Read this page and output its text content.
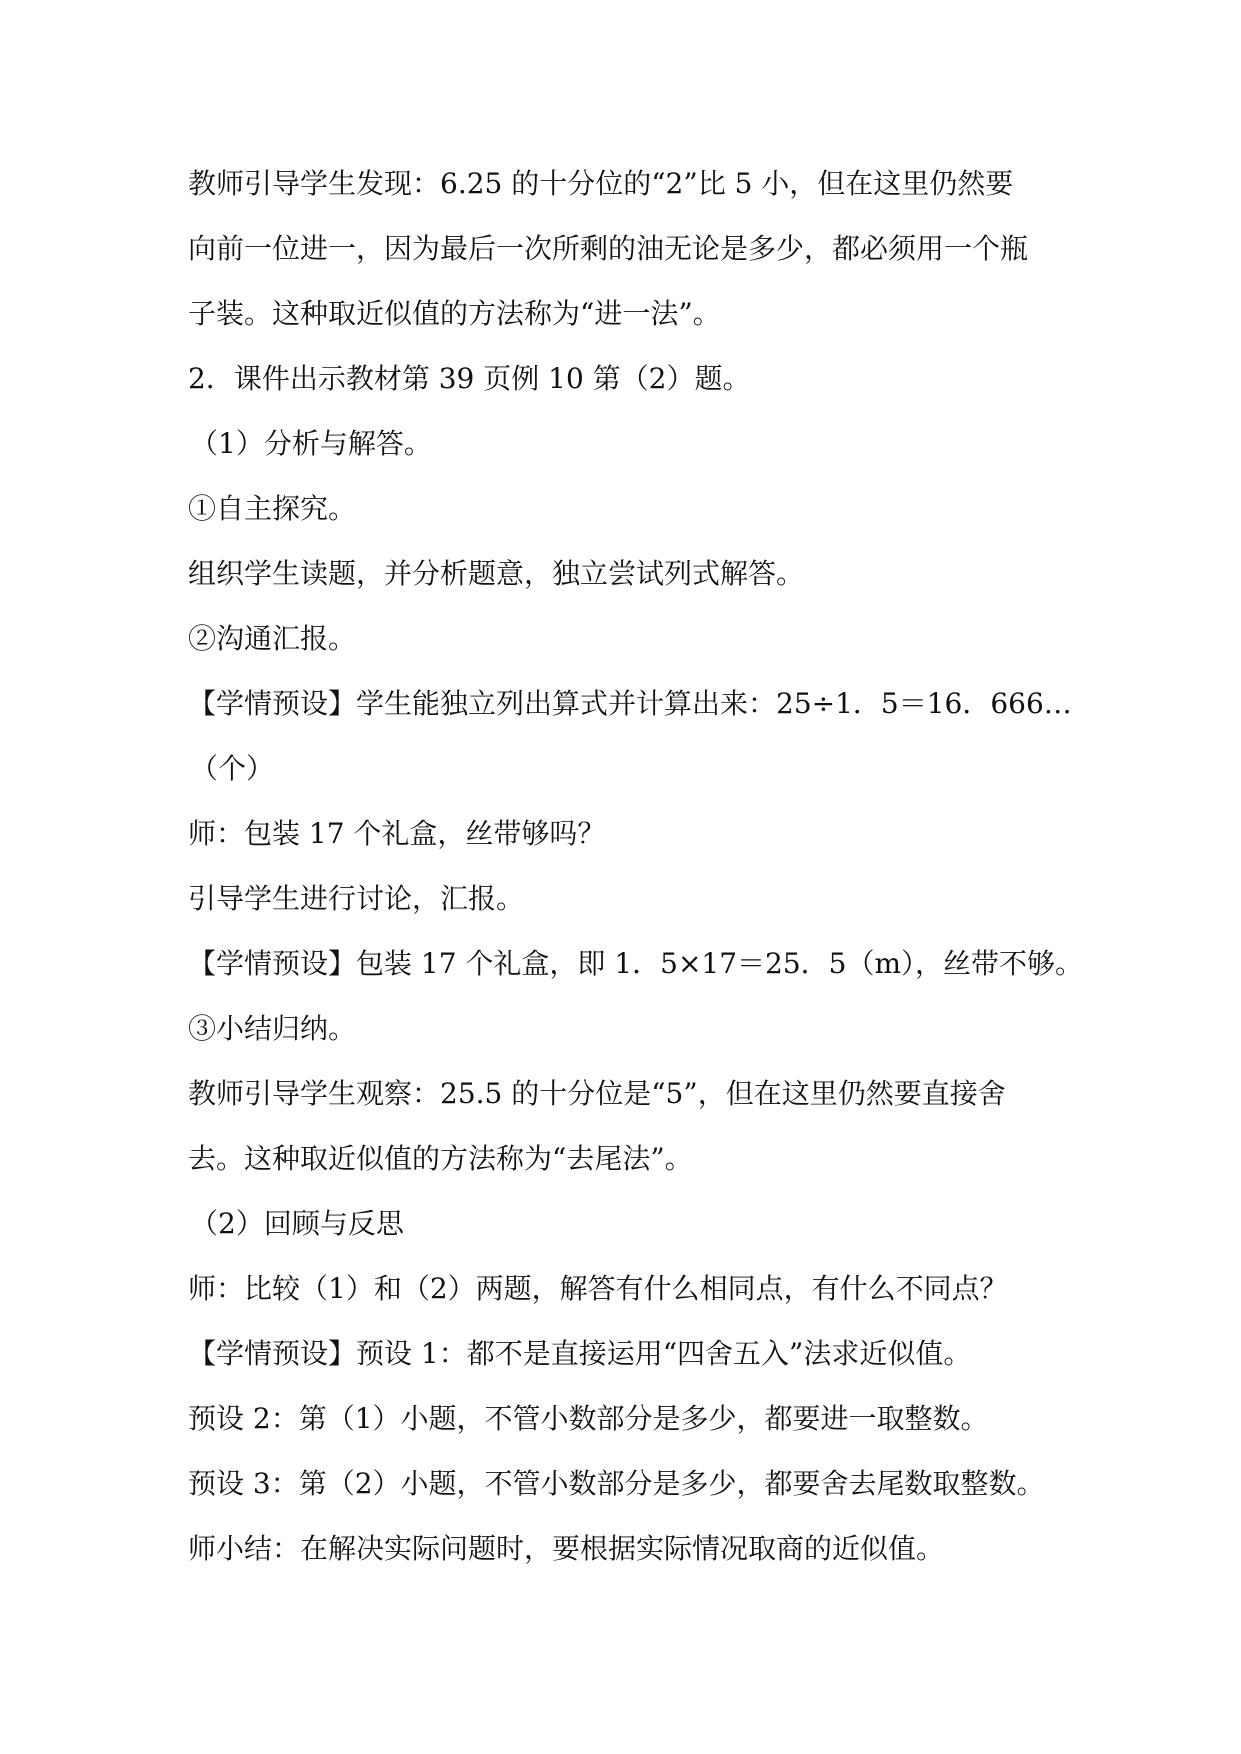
教师引导学生发现：6.25 的十分位的“2”比 5 小，但在这里仍然要
向前一位进一，因为最后一次所剩的油无论是多少，都必须用一个瓶
子装。这种取近似值的方法称为“进一法”。
2．课件出示教材第 39 页例 10 第（2）题。
（1）分析与解答。
①自主探究。
组织学生读题，并分析题意，独立尝试列式解答。
②沟通汇报。
【学情预设】学生能独立列出算式并计算出来：25÷1．5＝16．666…
（个）
师：包装 17 个礼盒，丝带够吗？
引导学生进行讨论，汇报。
【学情预设】包装 17 个礼盒，即 1．5×17＝25．5（m），丝带不够。
③小结归纳。
教师引导学生观察：25.5 的十分位是“5”，但在这里仍然要直接舍
去。这种取近似值的方法称为“去尾法”。
（2）回顾与反思
师：比较（1）和（2）两题，解答有什么相同点，有什么不同点？
【学情预设】预设 1：都不是直接运用“四舍五入”法求近似值。
预设 2：第（1）小题，不管小数部分是多少，都要进一取整数。
预设 3：第（2）小题，不管小数部分是多少，都要舍去尾数取整数。
师小结：在解决实际问题时，要根据实际情况取商的近似值。
